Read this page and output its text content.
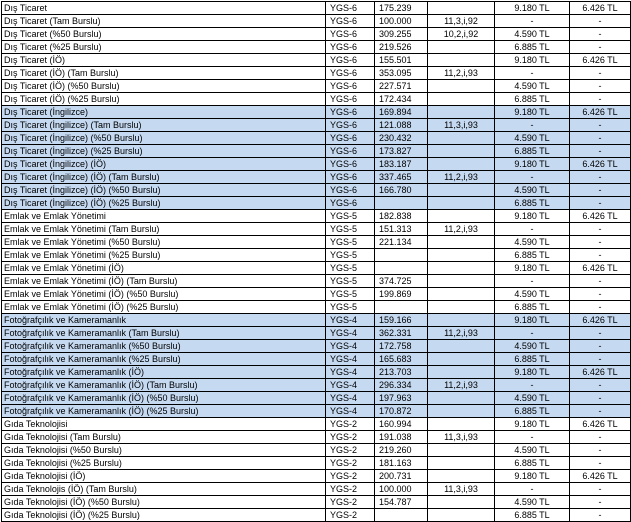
Dış Ticaret	YGS-6	175.239		9.180 TL	6.426 TL
Dış Ticaret (Tam Burslu)	YGS-6	100.000	11,3,i,92	-	-
Dış Ticaret (%50 Burslu)	YGS-6	309.255	10,2,i,92	4.590 TL	-
Dış Ticaret (%25 Burslu)	YGS-6	219.526		6.885 TL	-
Dış Ticaret (İÖ)	YGS-6	155.501		9.180 TL	6.426 TL
Dış Ticaret (İÖ) (Tam Burslu)	YGS-6	353.095	11,2,i,93	-	-
Dış Ticaret (İÖ) (%50 Burslu)	YGS-6	227.571		4.590 TL	-
Dış Ticaret (İÖ) (%25 Burslu)	YGS-6	172.434		6.885 TL	-
Dış Ticaret (İngilizce)	YGS-6	169.894		9.180 TL	6.426 TL
Dış Ticaret (İngilizce) (Tam Burslu)	YGS-6	121.088	11,3,i,93	-	-
Dış Ticaret (İngilizce) (%50 Burslu)	YGS-6	230.432		4.590 TL	-
Dış Ticaret (İngilizce) (%25 Burslu)	YGS-6	173.827		6.885 TL	-
Dış Ticaret (İngilizce) (İÖ)	YGS-6	183.187		9.180 TL	6.426 TL
Dış Ticaret (İngilizce) (İÖ) (Tam Burslu)	YGS-6	337.465	11,2,i,93	-	-
Dış Ticaret (İngilizce) (İÖ) (%50 Burslu)	YGS-6	166.780		4.590 TL	-
Dış Ticaret (İngilizce) (İÖ) (%25 Burslu)	YGS-6			6.885 TL	-
Emlak ve Emlak Yönetimi	YGS-5	182.838		9.180 TL	6.426 TL
Emlak ve Emlak Yönetimi (Tam Burslu)	YGS-5	151.313	11,2,i,93	-	-
Emlak ve Emlak Yönetimi (%50 Burslu)	YGS-5	221.134		4.590 TL	-
Emlak ve Emlak Yönetimi (%25 Burslu)	YGS-5			6.885 TL	-
Emlak ve Emlak Yönetimi (İÖ)	YGS-5			9.180 TL	6.426 TL
Emlak ve Emlak Yönetimi (İÖ) (Tam Burslu)	YGS-5	374.725		-	-
Emlak ve Emlak Yönetimi (İÖ) (%50 Burslu)	YGS-5	199.869		4.590 TL	-
Emlak ve Emlak Yönetimi (İÖ) (%25 Burslu)	YGS-5			6.885 TL	-
Fotoğrafçılık ve Kameramanlık	YGS-4	159.166		9.180 TL	6.426 TL
Fotoğrafçılık ve Kameramanlık (Tam Burslu)	YGS-4	362.331	11,2,i,93	-	-
Fotoğrafçılık ve Kameramanlık (%50 Burslu)	YGS-4	172.758		4.590 TL	-
Fotoğrafçılık ve Kameramanlık (%25 Burslu)	YGS-4	165.683		6.885 TL	-
Fotoğrafçılık ve Kameramanlık (İÖ)	YGS-4	213.703		9.180 TL	6.426 TL
Fotoğrafçılık ve Kameramanlık (İÖ) (Tam Burslu)	YGS-4	296.334	11,2,i,93	-	-
Fotoğrafçılık ve Kameramanlık (İÖ) (%50 Burslu)	YGS-4	197.963		4.590 TL	-
Fotoğrafçılık ve Kameramanlık (İÖ) (%25 Burslu)	YGS-4	170.872		6.885 TL	-
Gıda Teknolojisi	YGS-2	160.994		9.180 TL	6.426 TL
Gıda Teknolojisi (Tam Burslu)	YGS-2	191.038	11,3,i,93	-	-
Gıda Teknolojisi (%50 Burslu)	YGS-2	219.260		4.590 TL	-
Gıda Teknolojisi (%25 Burslu)	YGS-2	181.163		6.885 TL	-
Gıda Teknolojisi (İÖ)	YGS-2	200.731		9.180 TL	6.426 TL
Gıda Teknolojis (İÖ) (Tam Burslu)	YGS-2	100.000	11,3,i,93	-	-
Gıda Teknolojisi (İÖ) (%50 Burslu)	YGS-2	154.787		4.590 TL	-
Gıda Teknolojisi (İÖ) (%25 Burslu)	YGS-2			6.885 TL	-
